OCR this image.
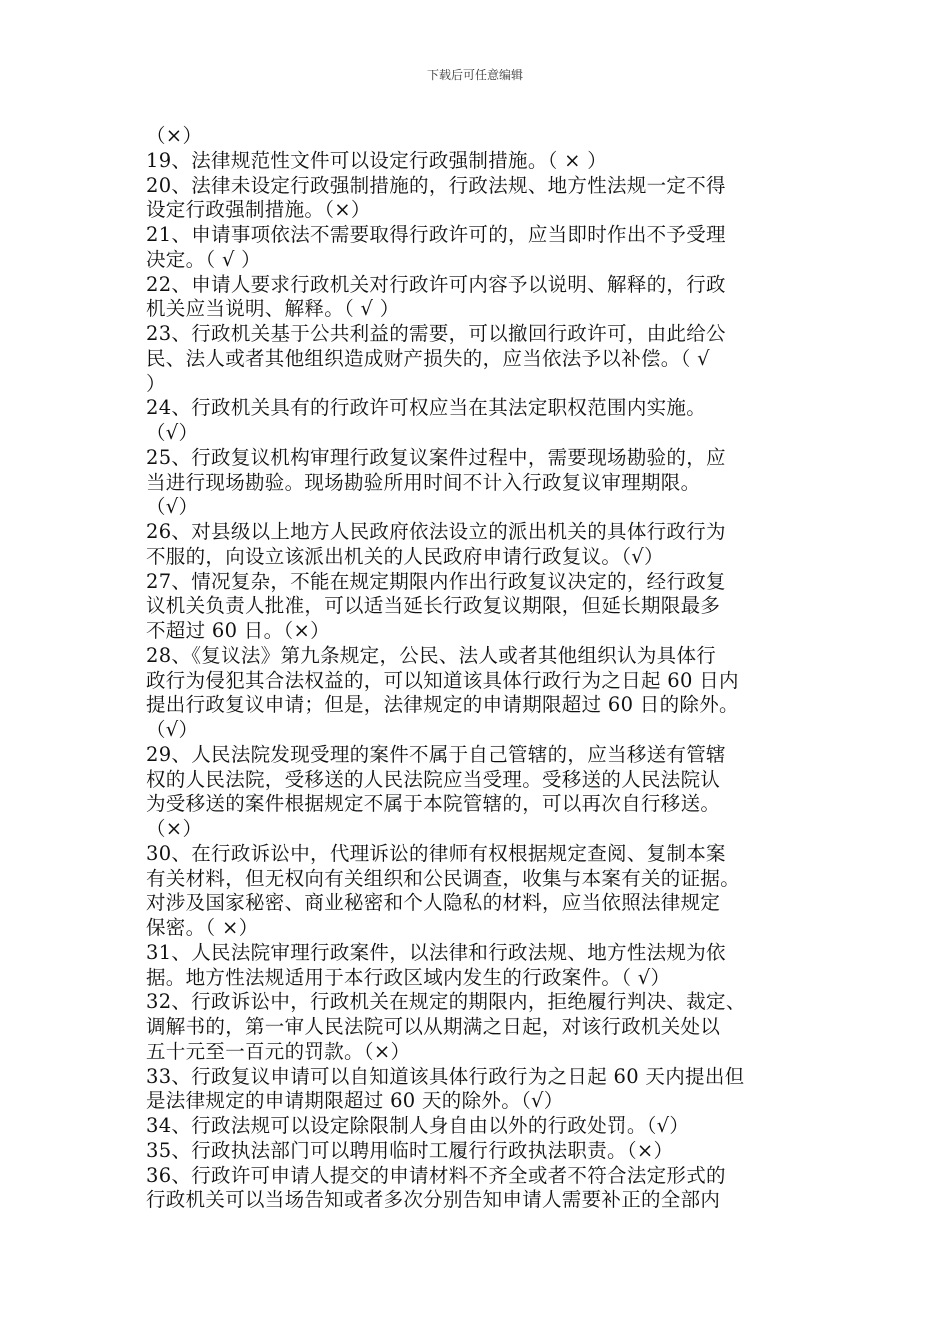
下载后可任意编辑
（×）
19、法律规范性文件可以设定行政强制措施。（ × ）
20、法律未设定行政强制措施的，行政法规、地方性法规一定不得
设定行政强制措施。（×）
21、申请事项依法不需要取得行政许可的，应当即时作出不予受理
决定。（ √ ）
22、申请人要求行政机关对行政许可内容予以说明、解释的，行政
机关应当说明、解释。（ √ ）
23、行政机关基于公共利益的需要，可以撤回行政许可，由此给公
民、法人或者其他组织造成财产损失的，应当依法予以补偿。（ √
）
24、行政机关具有的行政许可权应当在其法定职权范围内实施。
（√）
25、行政复议机构审理行政复议案件过程中，需要现场勘验的，应
当进行现场勘验。现场勘验所用时间不计入行政复议审理期限。
（√）
26、对县级以上地方人民政府依法设立的派出机关的具体行政行为
不服的，向设立该派出机关的人民政府申请行政复议。（√）
27、情况复杂，不能在规定期限内作出行政复议决定的，经行政复
议机关负责人批准，可以适当延长行政复议期限，但延长期限最多
不超过 60 日。（×）
28、《复议法》第九条规定，公民、法人或者其他组织认为具体行
政行为侵犯其合法权益的，可以知道该具体行政行为之日起 60 日内
提出行政复议申请；但是，法律规定的申请期限超过 60 日的除外。
（√）
29、人民法院发现受理的案件不属于自己管辖的，应当移送有管辖
权的人民法院，受移送的人民法院应当受理。受移送的人民法院认
为受移送的案件根据规定不属于本院管辖的，可以再次自行移送。
（×）
30、在行政诉讼中，代理诉讼的律师有权根据规定查阅、复制本案
有关材料，但无权向有关组织和公民调查，收集与本案有关的证据。
对涉及国家秘密、商业秘密和个人隐私的材料，应当依照法律规定
保密。（ ×）
31、人民法院审理行政案件，以法律和行政法规、地方性法规为依
据。地方性法规适用于本行政区域内发生的行政案件。（ √）
32、行政诉讼中，行政机关在规定的期限内，拒绝履行判决、裁定、
调解书的，第一审人民法院可以从期满之日起，对该行政机关处以
五十元至一百元的罚款。（×）
33、行政复议申请可以自知道该具体行政行为之日起 60 天内提出但
是法律规定的申请期限超过 60 天的除外。（√）
34、行政法规可以设定除限制人身自由以外的行政处罚。（√）
35、行政执法部门可以聘用临时工履行行政执法职责。（×）
36、行政许可申请人提交的申请材料不齐全或者不符合法定形式的
行政机关可以当场告知或者多次分别告知申请人需要补正的全部内
